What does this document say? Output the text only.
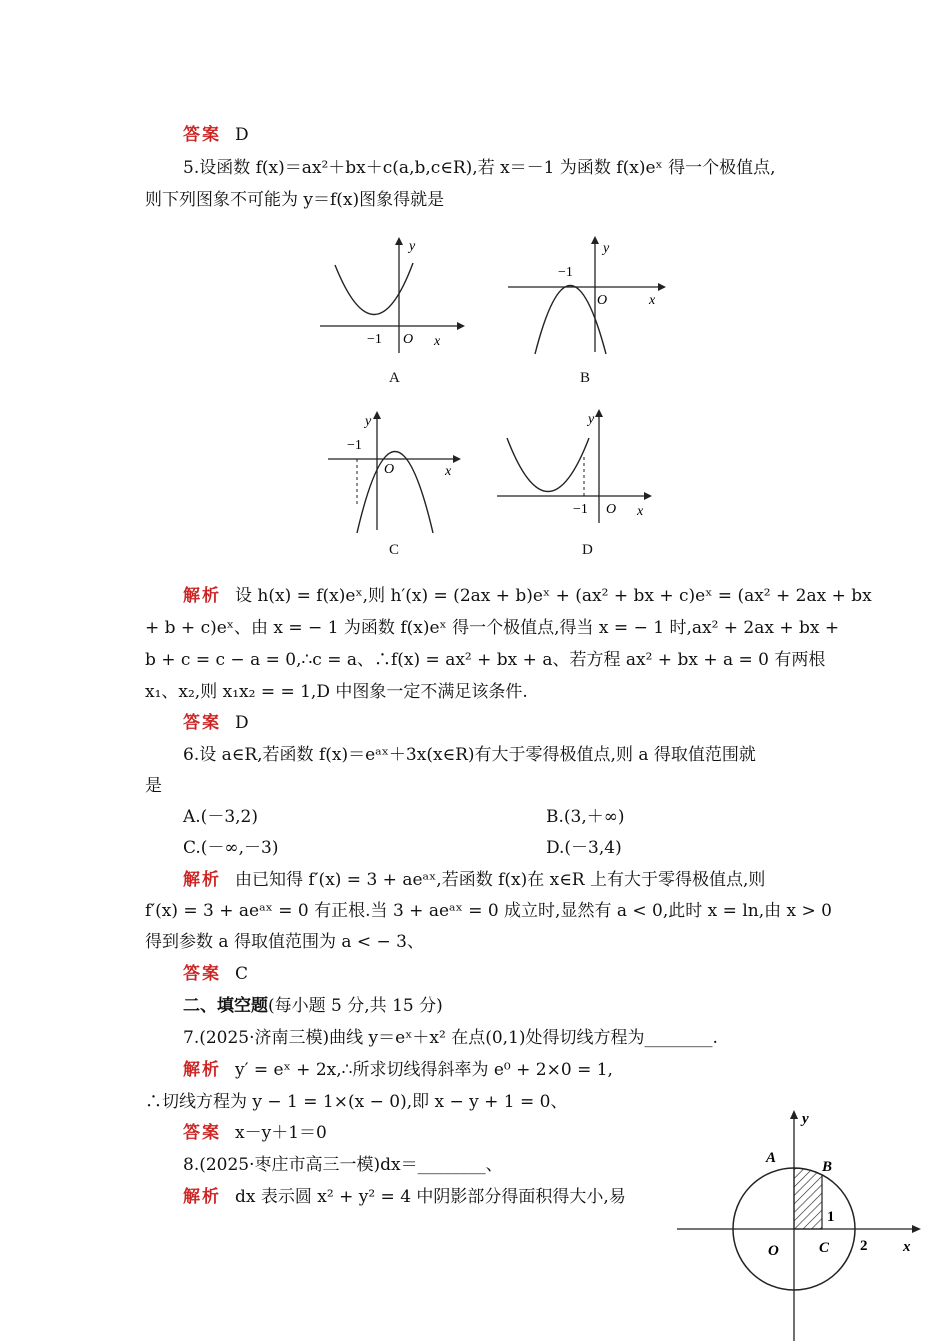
答案 D
5.设函数 f(x)＝ax²＋bx＋c(a,b,c∈R),若 x＝－1 为函数 f(x)eˣ 得一个极值点,
则下列图象不可能为 y＝f(x)图象得就是
y
x
O
−1
A
y
x
O
−1
B
y
x
O
−1
C
y
x
O
−1
D
解析 设 h(x) = f(x)eˣ,则 h′(x) = (2ax + b)eˣ + (ax² + bx + c)eˣ = (ax² + 2ax + bx
+ b + c)eˣ、由 x = − 1 为函数 f(x)eˣ 得一个极值点,得当 x = − 1 时,ax² + 2ax + bx +
b + c = c − a = 0,∴c = a、∴f(x) = ax² + bx + a、若方程 ax² + bx + a = 0 有两根
x₁、x₂,则 x₁x₂ = = 1,D 中图象一定不满足该条件.
答案 D
6.设 a∈R,若函数 f(x)＝eᵃˣ＋3x(x∈R)有大于零得极值点,则 a 得取值范围就
是
A.(－3,2)	B.(3,＋∞)
C.(－∞,－3)	D.(－3,4)
解析 由已知得 f′(x) = 3 + aeᵃˣ,若函数 f(x)在 x∈R 上有大于零得极值点,则
f′(x) = 3 + aeᵃˣ = 0 有正根.当 3 + aeᵃˣ = 0 成立时,显然有 a < 0,此时 x = ln,由 x > 0
得到参数 a 得取值范围为 a < − 3、
答案 C
二、填空题(每小题 5 分,共 15 分)
7.(2025·济南三模)曲线 y＝eˣ＋x² 在点(0,1)处得切线方程为________.
解析 y′ = eˣ + 2x,∴所求切线得斜率为 e⁰ + 2×0 = 1,
∴切线方程为 y − 1 = 1×(x − 0),即 x − y + 1 = 0、
答案 x－y＋1＝0
8.(2025·枣庄市高三一模)dx＝________、
解析 dx 表示圆 x² + y² = 4 中阴影部分得面积得大小,易
y
x
A
B
C
O
1
2
